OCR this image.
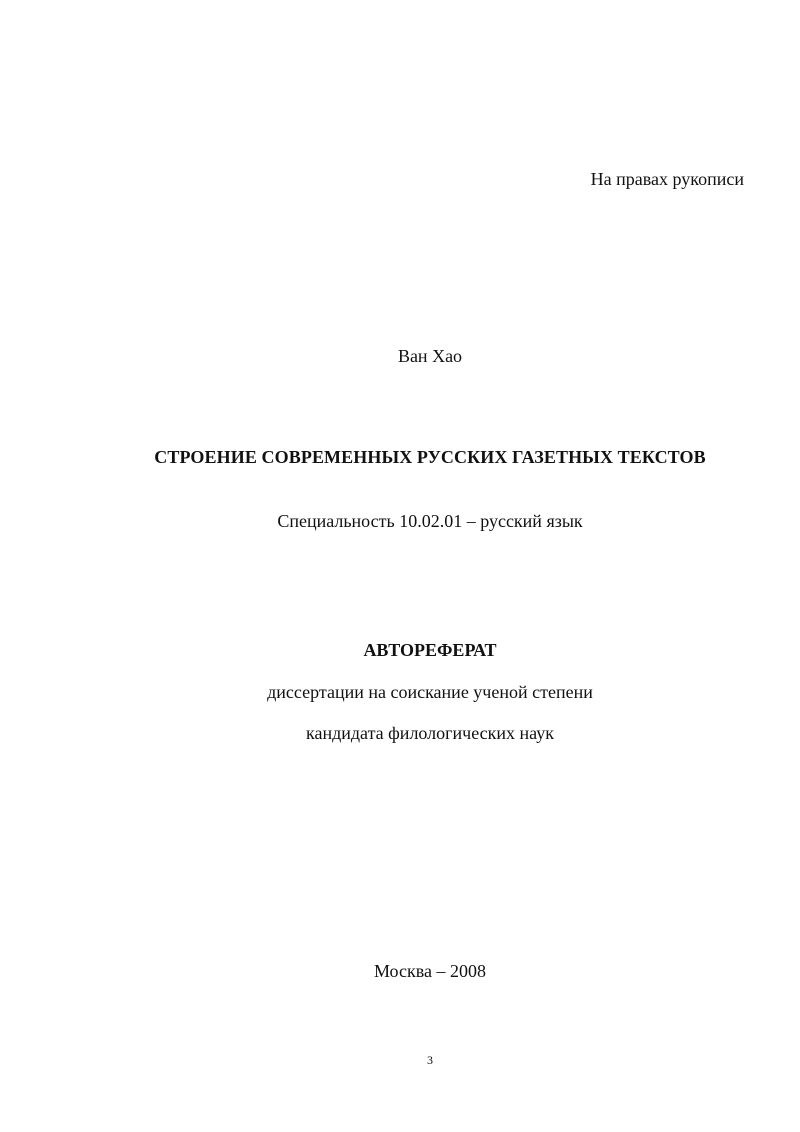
На правах рукописи
Ван Хао
СТРОЕНИЕ СОВРЕМЕННЫХ РУССКИХ ГАЗЕТНЫХ ТЕКСТОВ
Специальность 10.02.01 – русский язык
АВТОРЕФЕРАТ
диссертации на соискание ученой степени
кандидата филологических наук
Москва – 2008
3
